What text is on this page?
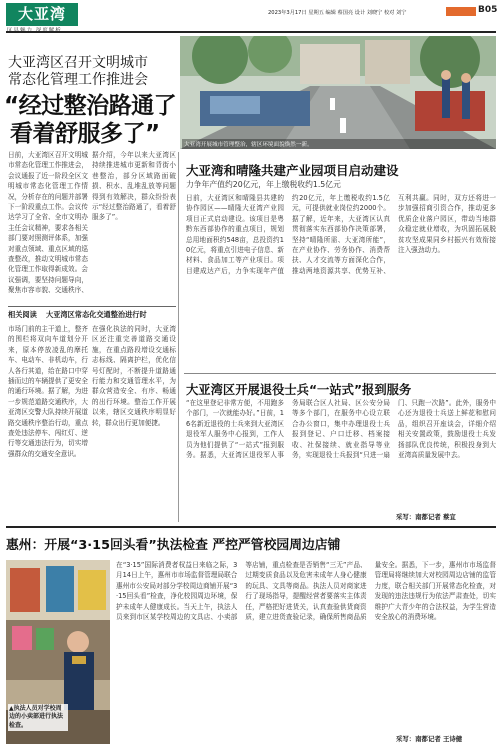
大亚湾	2023年3月17日 星期五 编辑 蔡国亮 设计 刘晓宁 校对 刘宁	B05
大亚湾区召开文明城市
常态化管理工作推进会
“经过整治路通了
看着舒服多了”	大亚湾开展城市管理整治，辖区环境面貌焕然一新。
日前，大亚湾区召开文明城市常态化管理工作推进会，会议通报了近一阶段全区文明城市常态化管理工作情况，分析存在的问题并部署下一阶段重点工作。会议传达学习了全省、全市文明办主任会议精神，要求各相关部门要对照测评体系，加强对重点领域、重点区域的巡查整改，推动文明城市常态化管理工作取得新成效。会议强调，要坚持问题导向，聚焦市容市貌、交通秩序、
据介绍，今年以来大亚湾区持续推进城市更新和背街小巷整治，部分区域路面破损、积水、乱堆乱放等问题得到有效解决，群众纷纷表示“经过整治路通了，看着舒服多了”。
相关阅读 大亚湾区常态化交通整治进行时
市场门前的主干道上，整齐的围栏将双向车道划分开来，原本停放凌乱的摩托车、电动车、非机动车，行人各行其道，给在路口中穿插而过的车辆提供了更安全的通行环境。据了解，为进一步规范道路交通秩序，大亚湾区交警大队持续开展道路交通秩序整治行动，重点查处违法停车、闯红灯、逆行等交通违法行为，切实增强群众的交通安全意识。
在强化执法的同时，大亚湾区还注重完善道路交通设施，在重点路段增设交通标志标线、隔离护栏，优化信号灯配时，不断提升道路通行能力和交通管理水平，为群众营造安全、有序、畅通的出行环境。整治工作开展以来，辖区交通秩序明显好转，群众出行更加便捷。
大亚湾和晴隆共建产业园项目启动建设
力争年产值约20亿元，年上缴税收约1.5亿元
日前，大亚湾区和晴隆县共建的协作园区——晴隆大亚湾产业园项目正式启动建设。该项目是粤黔东西部协作的重点项目，规划总用地面积约548亩，总投资约10亿元，将重点引进电子信息、新材料、食品加工等产业项目。项目建成达产后，力争实现年产值约20亿元，年上缴税收约1.5亿元，可提供就业岗位约2000个。据了解，近年来，大亚湾区认真贯彻落实东西部协作决策部署，坚持“晴隆所需、大亚湾所能”，在产业协作、劳务协作、消费帮扶、人才交流等方面深化合作，推动两地资源共享、优势互补、互利共赢。同时，双方还将进一步加强招商引资合作，推动更多优质企业落户园区，带动当地群众稳定就业增收，为巩固拓展脱贫攻坚成果同乡村振兴有效衔接注入强劲动力。
大亚湾区开展退役士兵“一站式”报到服务
“在这里登记非常方便，不用跑多个部门，一次就能办好。”日前，16名新近退役的士兵来到大亚湾区退役军人服务中心报到，工作人员为他们提供了“一站式”报到服务。据悉，大亚湾区退役军人事务局联合区人社局、区公安分局等多个部门，在服务中心设立联合办公窗口，集中办理退役士兵报到登记、户口迁移、档案接收、社保接续、就业指导等业务，实现退役士兵报到“只进一扇门、只跑一次路”。此外，服务中心还为退役士兵送上鲜花和慰问品，组织召开座谈会，详细介绍相关安置政策，鼓励退役士兵发扬部队优良传统，积极投身到大亚湾高质量发展中去。
采写：南都记者 蔡宜
惠州：开展“3·15回头看”执法检查 严控严管校园周边店铺
▲执法人员对学校周边的小卖部进行执法检查。
在“3·15”国际消费者权益日来临之际，3月14日上午，惠州市市场监督管理局联合惠州市公安局对部分学校周边商铺开展“3·15回头看”检查，净化校园周边环境，保护未成年人健康成长。当天上午，执法人员来到市区某学校周边的文具店、小卖部等店铺，重点检查是否销售“三无”产品、过期变质食品以及危害未成年人身心健康的玩具、文具等商品。执法人员对商家进行了现场指导，提醒经营者要落实主体责任，严格把好进货关，认真查验供货商资质，建立进货查验记录，确保所售商品质量安全。据悉，下一步，惠州市市场监督管理局将继续加大对校园周边店铺的监管力度，联合相关部门开展常态化检查，对发现的违法违规行为依法严肃查处，切实维护广大青少年的合法权益，为学生营造安全放心的消费环境。
采写：南都记者 王诗健
